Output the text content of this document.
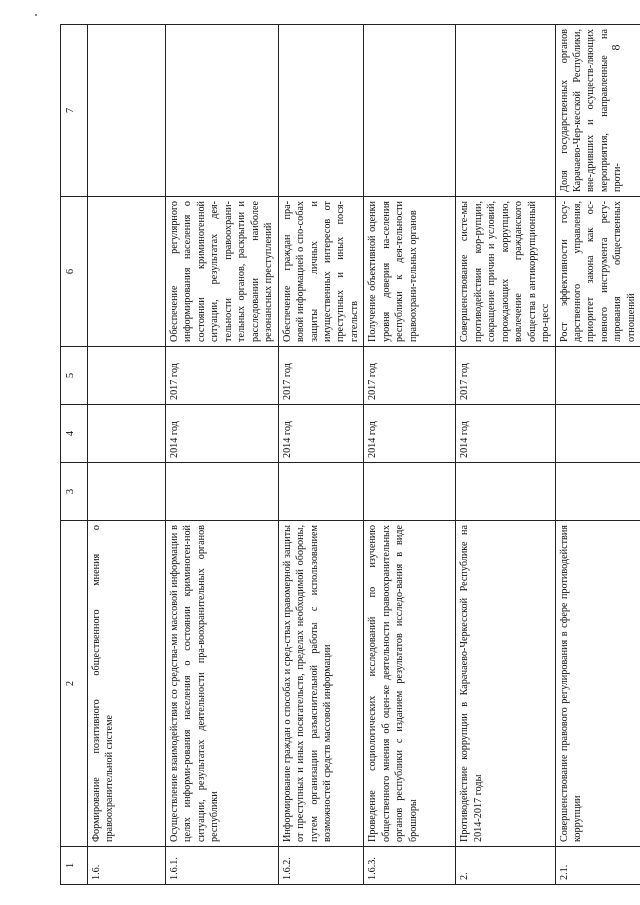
8
1	2	3	4	5	6	7
1.6.	Формирование позитивного общественного мнения о правоохранительной системе					
1.6.1.	Осуществление взаимодействия со средства-ми массовой информации в целях информи-рования населения о состоянии криминоген-ной ситуации, результатах деятельности пра-воохранительных органов республики		2014 год	2017 год	Обеспечение регулярного информирования населения о состоянии криминогенной ситуации, результатах дея-тельности правоохрани-тельных органов, раскрытии и расследовании наиболее резонансных преступлений	
1.6.2.	Информирование граждан о способах и сред-ствах правомерной защиты от преступных и иных посягательств, пределах необходимой обороны, путем организации разъяснительной работы с использованием возможностей средств массовой информации		2014 год	2017 год	Обеспечение граждан пра-вовой информацией о спо-собах защиты личных и имущественных интересов от преступных и иных пося-гательств	
1.6.3.	Проведение социологических исследований по изучению общественного мнения об оцен-ке деятельности правоохранительных органов республики с изданием результатов исследо-вания в виде брошюры		2014 год	2017 год	Получение объективной оценки уровня доверия на-селения республики к дея-тельности правоохрани-тельных органов	
2.	Противодействие коррупции в Карачаево-Черкесской Республике на 2014-2017 годы		2014 год	2017 год	Совершенствование систе-мы противодействия кор-рупции, сокращение причин и условий, порождающих коррупцию, вовлечение гражданского общества в антикоррупционный про-цесс	
2.1.	Совершенствование правового регулирования в сфере противодействия коррупции				Рост эффективности госу-дарственного управления, приоритет закона как ос-новного инструмента регу-лирования общественных отношений	Доля государственных органов Карачаево-Чер-кесской Республики, вне-дривших и осуществ-ляющих мероприятия, направленные на проти-
